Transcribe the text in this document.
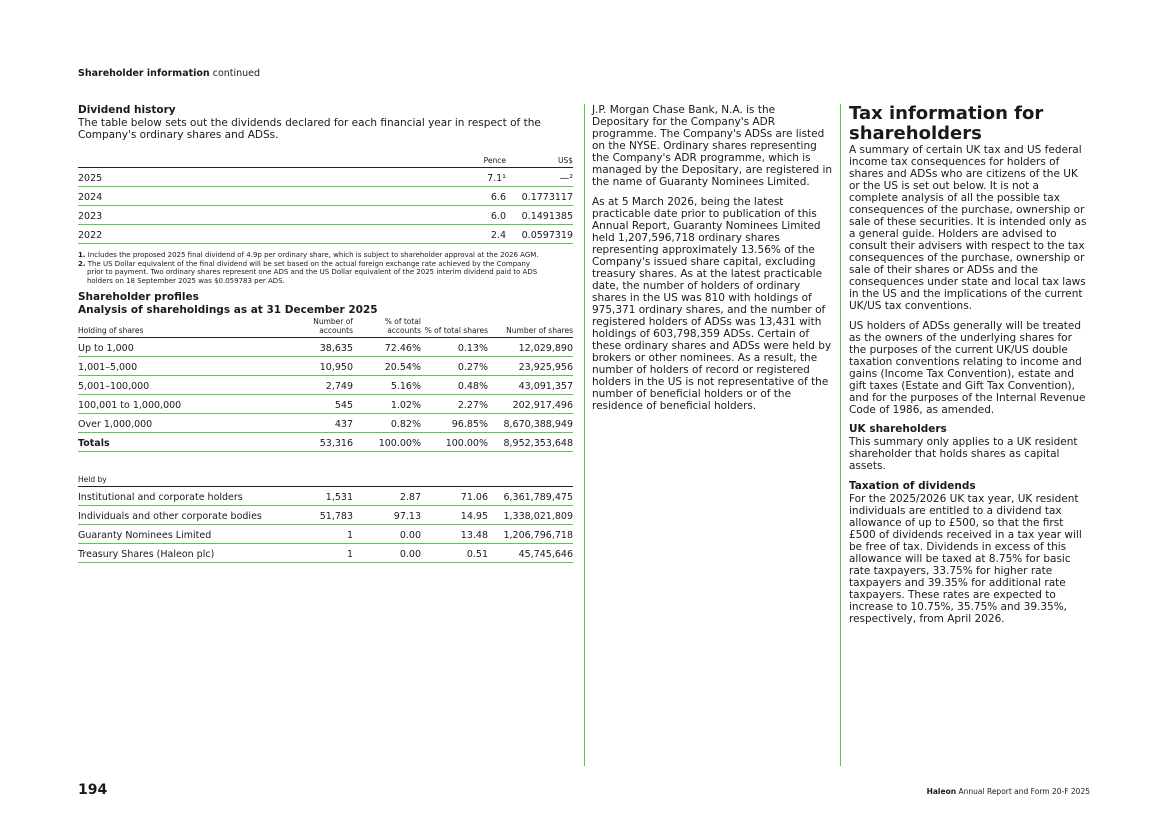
Shareholder information continued
Dividend history

The table below sets out the dividends declared for each financial year in respect of the Company's ordinary shares and ADSs.

	Pence	US$
2025	7.1¹	—²
2024	6.6	0.1773117
2023	6.0	0.1491385
2022	2.4	0.0597319
1. Includes the proposed 2025 final dividend of 4.9p per ordinary share, which is subject to shareholder approval at the 2026 AGM.
2. The US Dollar equivalent of the final dividend will be set based on the actual foreign exchange rate achieved by the Company prior to payment. Two ordinary shares represent one ADS and the US Dollar equivalent of the 2025 interim dividend paid to ADS holders on 18 September 2025 was $0.059783 per ADS.
Shareholder profiles
Analysis of shareholdings as at 31 December 2025
Holding of shares	Number of accounts	% of total accounts	% of total shares	Number of shares
Up to 1,000	38,635	72.46%	0.13%	12,029,890
1,001–5,000	10,950	20.54%	0.27%	23,925,956
5,001–100,000	2,749	5.16%	0.48%	43,091,357
100,001 to 1,000,000	545	1.02%	2.27%	202,917,496
Over 1,000,000	437	0.82%	96.85%	8,670,388,949
Totals	53,316	100.00%	100.00%	8,952,353,648
Held by				
Institutional and corporate holders	1,531	2.87	71.06	6,361,789,475
Individuals and other corporate bodies	51,783	97.13	14.95	1,338,021,809
Guaranty Nominees Limited	1	0.00	13.48	1,206,796,718
Treasury Shares (Haleon plc)	1	0.00	0.51	45,745,646

J.P. Morgan Chase Bank, N.A. is the Depositary for the Company's ADR programme. The Company's ADSs are listed on the NYSE. Ordinary shares representing the Company's ADR programme, which is managed by the Depositary, are registered in the name of Guaranty Nominees Limited.

As at 5 March 2026, being the latest practicable date prior to publication of this Annual Report, Guaranty Nominees Limited held 1,207,596,718 ordinary shares representing approximately 13.56% of the Company's issued share capital, excluding treasury shares. As at the latest practicable date, the number of holders of ordinary shares in the US was 810 with holdings of 975,371 ordinary shares, and the number of registered holders of ADSs was 13,431 with holdings of 603,798,359 ADSs. Certain of these ordinary shares and ADSs were held by brokers or other nominees. As a result, the number of holders of record or registered holders in the US is not representative of the number of beneficial holders or of the residence of beneficial holders.

Tax information for shareholders

A summary of certain UK tax and US federal income tax consequences for holders of shares and ADSs who are citizens of the UK or the US is set out below. It is not a complete analysis of all the possible tax consequences of the purchase, ownership or sale of these securities. It is intended only as a general guide. Holders are advised to consult their advisers with respect to the tax consequences of the purchase, ownership or sale of their shares or ADSs and the consequences under state and local tax laws in the US and the implications of the current UK/US tax conventions.

US holders of ADSs generally will be treated as the owners of the underlying shares for the purposes of the current UK/US double taxation conventions relating to income and gains (Income Tax Convention), estate and gift taxes (Estate and Gift Tax Convention), and for the purposes of the Internal Revenue Code of 1986, as amended.

UK shareholders

This summary only applies to a UK resident shareholder that holds shares as capital assets.

Taxation of dividends

For the 2025/2026 UK tax year, UK resident individuals are entitled to a dividend tax allowance of up to £500, so that the first £500 of dividends received in a tax year will be free of tax. Dividends in excess of this allowance will be taxed at 8.75% for basic rate taxpayers, 33.75% for higher rate taxpayers and 39.35% for additional rate taxpayers. These rates are expected to increase to 10.75%, 35.75% and 39.35%, respectively, from April 2026.

194	Haleon Annual Report and Form 20-F 2025
